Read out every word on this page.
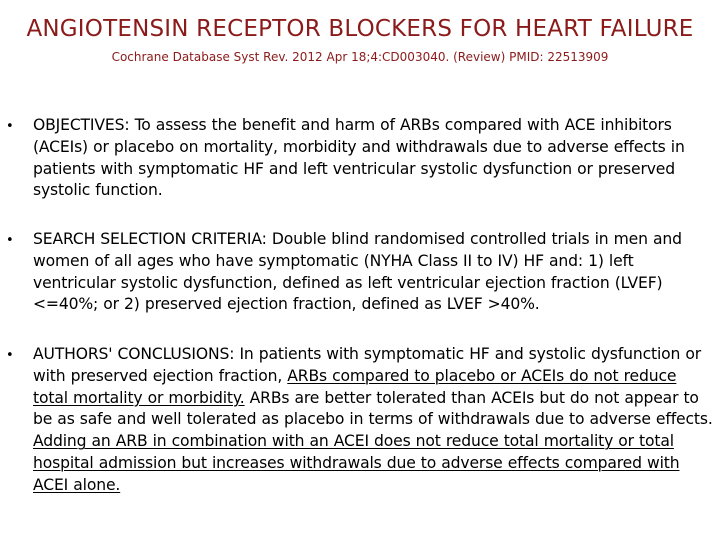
ANGIOTENSIN RECEPTOR BLOCKERS FOR HEART FAILURE
Cochrane Database Syst Rev. 2012 Apr 18;4:CD003040. (Review) PMID: 22513909
• OBJECTIVES: To assess the benefit and harm of ARBs compared with ACE inhibitors (ACEIs) or placebo on mortality, morbidity and withdrawals due to adverse effects in patients with symptomatic HF and left ventricular systolic dysfunction or preserved systolic function.
• SEARCH SELECTION CRITERIA: Double blind randomised controlled trials in men and women of all ages who have symptomatic (NYHA Class II to IV) HF and: 1) left ventricular systolic dysfunction, defined as left ventricular ejection fraction (LVEF) <=40%; or 2) preserved ejection fraction, defined as LVEF >40%.
• AUTHORS' CONCLUSIONS: In patients with symptomatic HF and systolic dysfunction or with preserved ejection fraction, ARBs compared to placebo or ACEIs do not reduce total mortality or morbidity. ARBs are better tolerated than ACEIs but do not appear to be as safe and well tolerated as placebo in terms of withdrawals due to adverse effects. Adding an ARB in combination with an ACEI does not reduce total mortality or total hospital admission but increases withdrawals due to adverse effects compared with ACEI alone.
